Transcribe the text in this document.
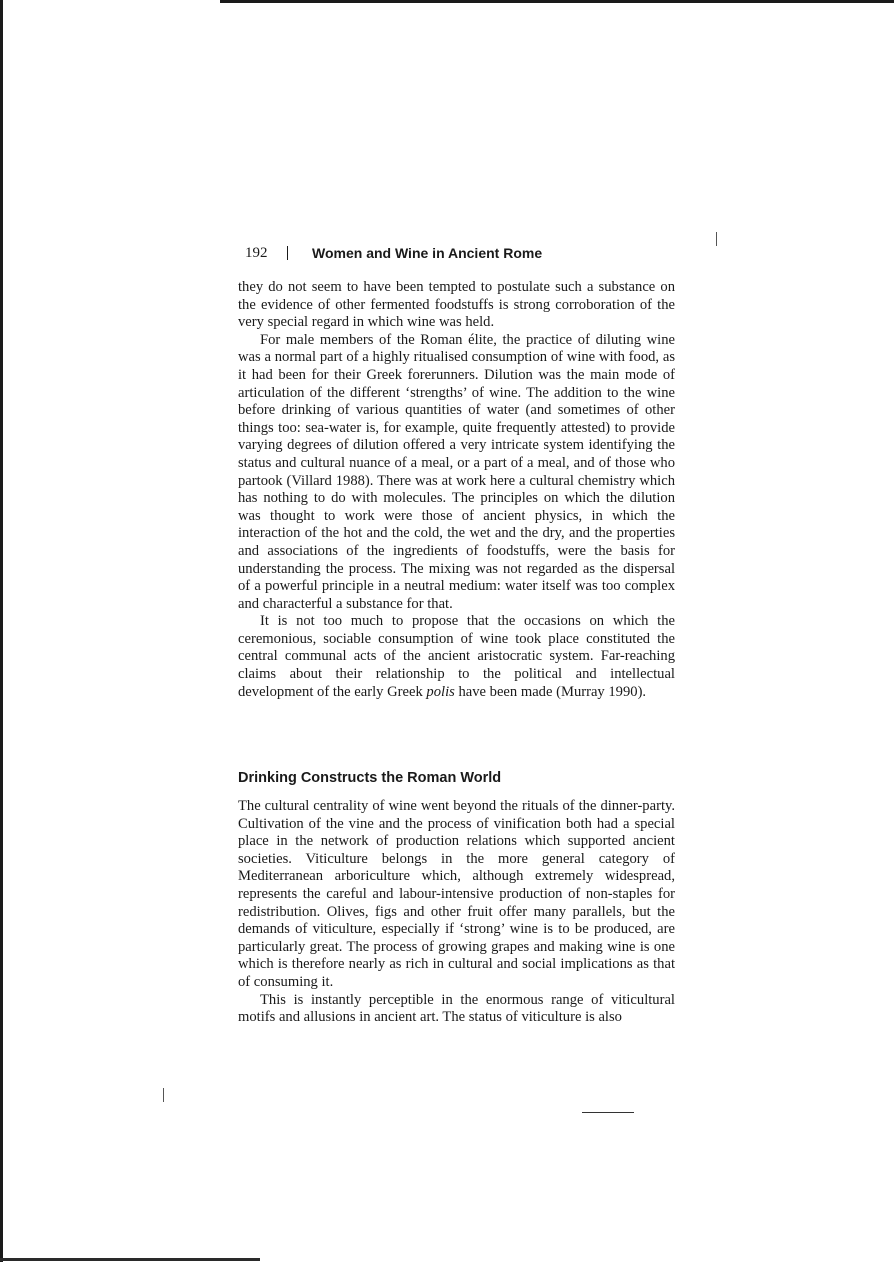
192	Women and Wine in Ancient Rome

they do not seem to have been tempted to postulate such a substance on the evidence of other fermented foodstuffs is strong corroboration of the very special regard in which wine was held.

For male members of the Roman élite, the practice of diluting wine was a normal part of a highly ritualised consumption of wine with food, as it had been for their Greek forerunners. Dilution was the main mode of articulation of the different ‘strengths’ of wine. The addition to the wine before drinking of various quantities of water (and sometimes of other things too: sea-water is, for example, quite frequently attested) to provide varying degrees of dilution offered a very intricate system identifying the status and cultural nuance of a meal, or a part of a meal, and of those who partook (Villard 1988). There was at work here a cultural chemistry which has nothing to do with molecules. The principles on which the dilution was thought to work were those of ancient physics, in which the interaction of the hot and the cold, the wet and the dry, and the properties and associations of the ingredients of foodstuffs, were the basis for understanding the process. The mixing was not regarded as the dispersal of a powerful principle in a neutral medium: water itself was too complex and characterful a substance for that.

It is not too much to propose that the occasions on which the ceremonious, sociable consumption of wine took place constituted the central communal acts of the ancient aristocratic system. Far-reaching claims about their relationship to the political and intellectual development of the early Greek polis have been made (Murray 1990).

Drinking Constructs the Roman World

The cultural centrality of wine went beyond the rituals of the dinner-party. Cultivation of the vine and the process of vinification both had a special place in the network of production relations which supported ancient societies. Viticulture belongs in the more general category of Mediterranean arboriculture which, although extremely widespread, represents the careful and labour-intensive production of non-staples for redistribution. Olives, figs and other fruit offer many parallels, but the demands of viticulture, especially if ‘strong’ wine is to be produced, are particularly great. The process of growing grapes and making wine is one which is therefore nearly as rich in cultural and social implications as that of consuming it.

This is instantly perceptible in the enormous range of viticultural motifs and allusions in ancient art. The status of viticulture is also
